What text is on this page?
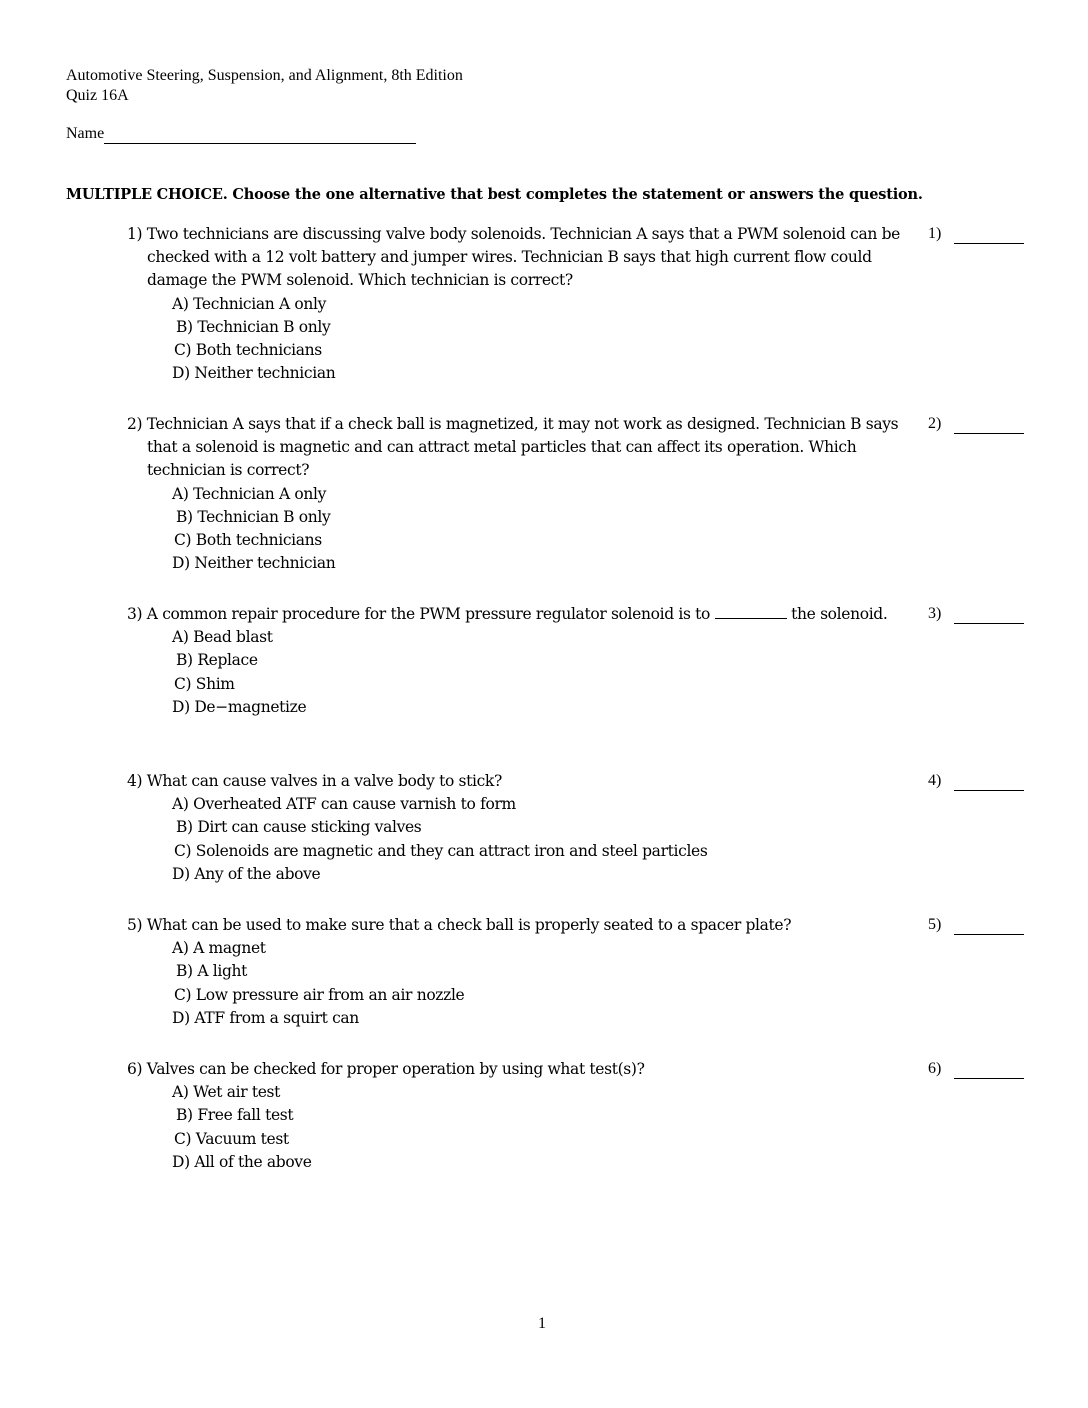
Automotive Steering, Suspension, and Alignment, 8th Edition
Quiz 16A
Name
MULTIPLE CHOICE. Choose the one alternative that best completes the statement or answers the question.
1) Two technicians are discussing valve body solenoids. Technician A says that a PWM solenoid can be checked with a 12 volt battery and jumper wires. Technician B says that high current flow could damage the PWM solenoid. Which technician is correct?
A) Technician A only
B) Technician B only
C) Both technicians
D) Neither technician
1)
2) Technician A says that if a check ball is magnetized, it may not work as designed. Technician B says that a solenoid is magnetic and can attract metal particles that can affect its operation. Which technician is correct?
A) Technician A only
B) Technician B only
C) Both technicians
D) Neither technician
2)
3) A common repair procedure for the PWM pressure regulator solenoid is to	the solenoid.
A) Bead blast
B) Replace
C) Shim
D) De−magnetize
3)
4) What can cause valves in a valve body to stick?
A) Overheated ATF can cause varnish to form
B) Dirt can cause sticking valves
C) Solenoids are magnetic and they can attract iron and steel particles
D) Any of the above
4)
5) What can be used to make sure that a check ball is properly seated to a spacer plate?
A) A magnet
B) A light
C) Low pressure air from an air nozzle
D) ATF from a squirt can
5)
6) Valves can be checked for proper operation by using what test(s)?
A) Wet air test
B) Free fall test
C) Vacuum test
D) All of the above
6)
1
